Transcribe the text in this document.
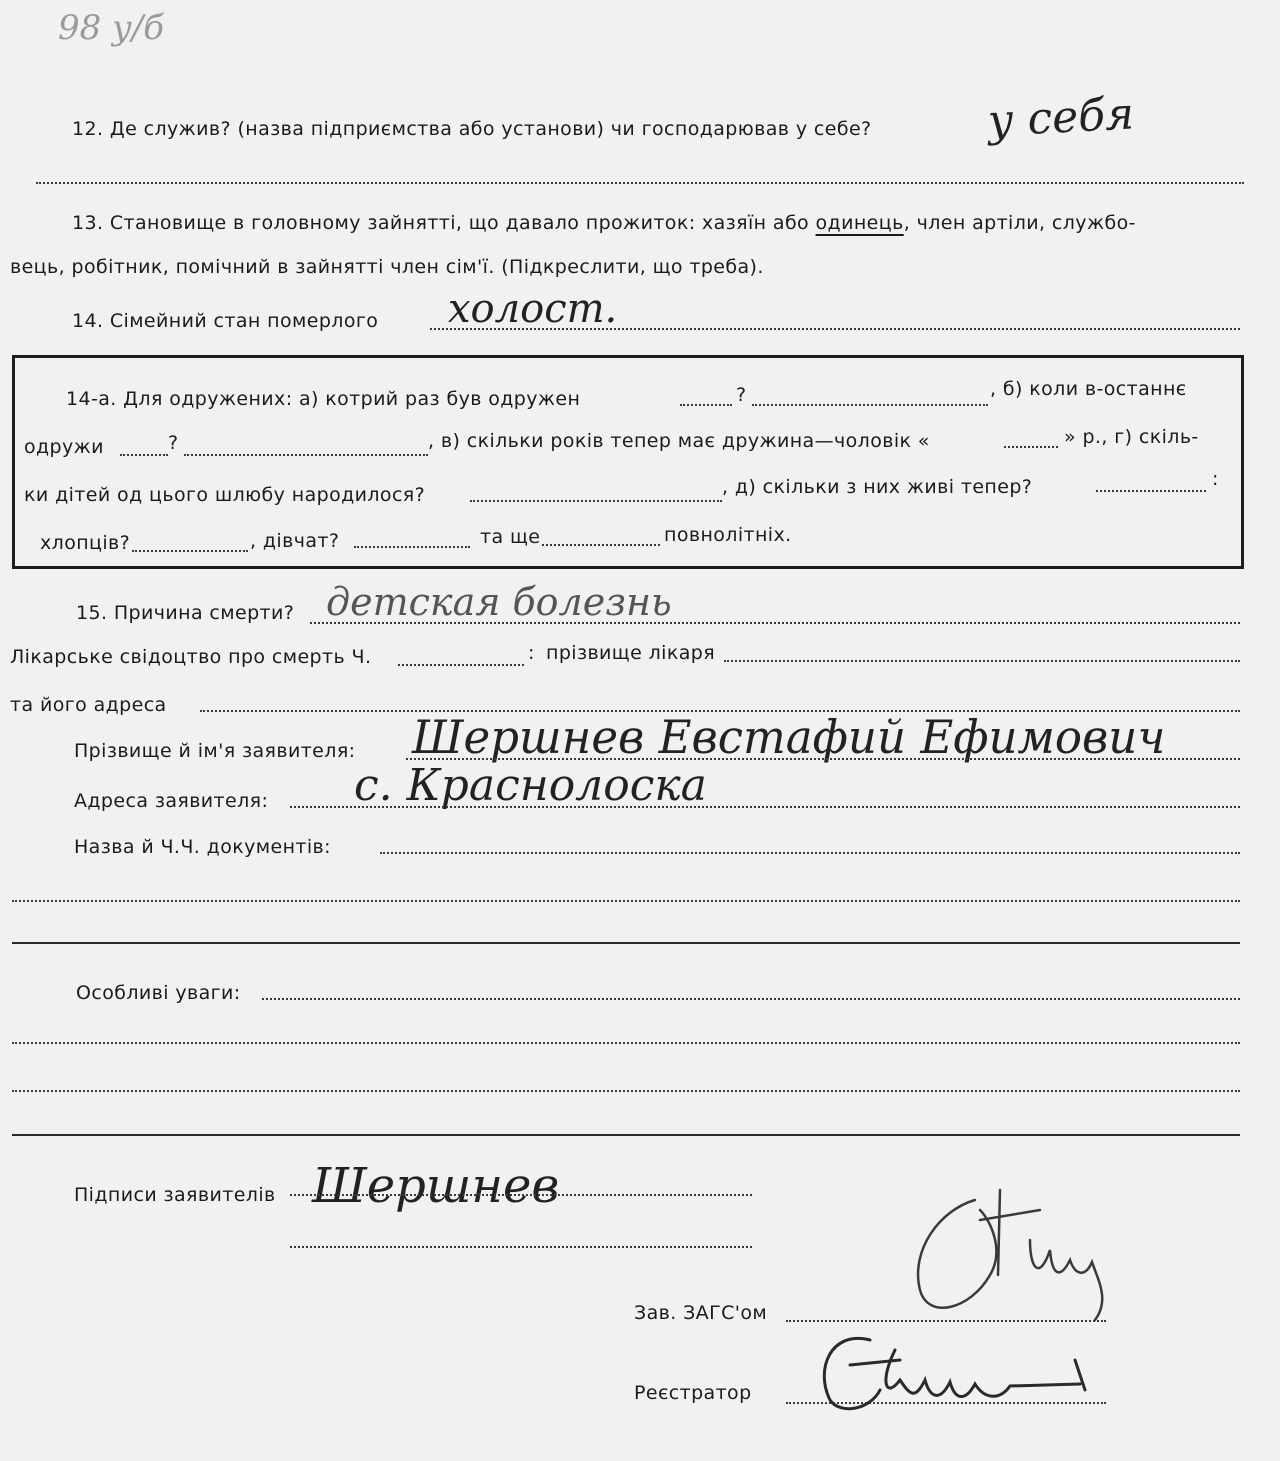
98 у/б
12. Де служив? (назва підприємства або установи) чи господарював у себе?	у себя
13. Становище в головному зайнятті, що давало прожиток: хазяїн або одинець, член артіли, службо-
вець, робітник, помічний в зайнятті член сім'ї. (Підкреслити, що треба).
14. Сімейний стан померлого холост.
14-а. Для одружених: а) котрий раз був одружен	?	, б) коли в-останнє
одружи	?	, в) скільки років тепер має дружина—чоловік «	» р., г) скіль-
ки дітей од цього шлюбу народилося?	, д) скільки з них живі тепер?	:
хлопців?	, дівчат?	та ще	повнолітніх.
15. Причина смерти? детская болезнь
Лікарське свідоцтво про смерть Ч.	: прізвище лікаря
та його адреса
Прізвище й ім'я заявителя: Шершнев Евстафий Ефимович
Адреса заявителя: с. Краснолоска
Назва й Ч.Ч. документів:
Особливі уваги:
Підписи заявителів Шершнев
Зав. ЗАГС'ом
Реєстратор
